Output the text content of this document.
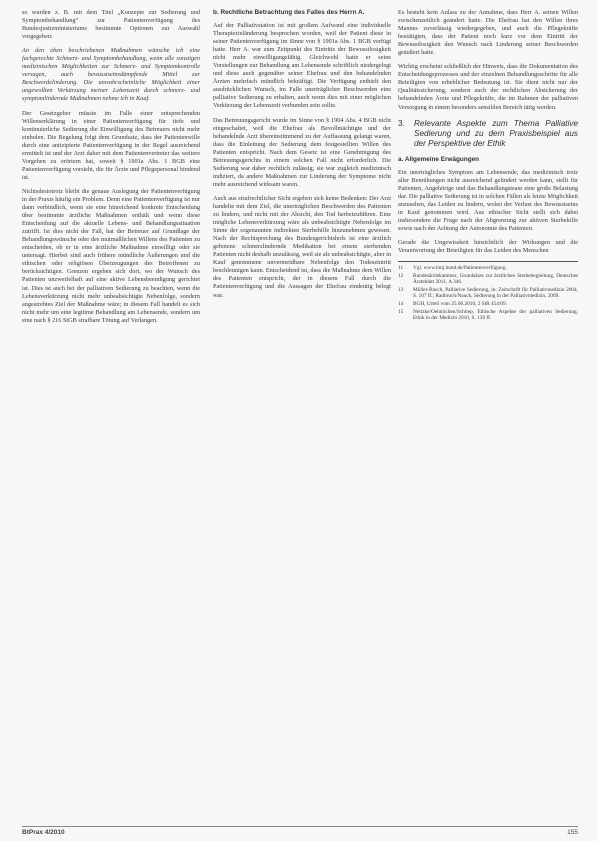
so wurden z. B. mit dem Titel „Konzepte zur Sedierung und Symptombehandlung“ zur Patientenverfügung des Bundesjustizministeriums bestimmte Optionen zur Auswahl vorgegeben:

An den eben beschriebenen Maßnahmen wünsche ich eine fachgerechte Schmerz- und Symptombehandlung, wenn alle sonstigen medizinischen Möglichkeiten zur Schmerz- und Symptomkontrolle versagen, auch bewusstseinsdämpfende Mittel zur Beschwerdelinderung. Die unwahrscheinliche Möglichkeit einer ungewollten Verkürzung meiner Lebenszeit durch schmerz- und symptomlindernde Maßnahmen nehme ich in Kauf.

Der Gesetzgeber müsste im Falle einer entsprechenden Willenserklärung in einer Patientenverfügung für tiefe und kontinuierliche Sedierung die Einwilligung des Betreuers nicht mehr einholen. Die Regelung folgt dem Grundsatz, dass der Patientenwille durch eine antizipierte Patientenverfügung in der Regel ausreichend ermittelt ist und der Arzt daher mit dem Patientenvertreter das weitere Vorgehen zu erörtern hat, soweit § 1901a Abs. 1 BGB eine Patientenverfügung vorsieht, die für Ärzte und Pflegepersonal bindend ist.

Nichtsdestotrotz bleibt die genaue Auslegung der Patientenverfügung in der Praxis häufig ein Problem. Denn eine Patientenverfügung ist nur dann verbindlich, wenn sie eine hinreichend konkrete Entscheidung über bestimmte ärztliche Maßnahmen enthält und wenn diese Entscheidung auf die aktuelle Lebens- und Behandlungssituation zutrifft. Ist dies nicht der Fall, hat der Betreuer auf Grundlage der Behandlungswünsche oder des mutmaßlichen Willens des Patienten zu entscheiden, ob er in eine ärztliche Maßnahme einwilligt oder sie untersagt. Hierbei sind auch frühere mündliche Äußerungen und die ethischen oder religiösen Überzeugungen des Betroffenen zu berücksichtigen. Grenzen ergeben sich dort, wo der Wunsch des Patienten unzweifelhaft auf eine aktive Lebensbeendigung gerichtet ist. Dies ist auch bei der palliativen Sedierung zu beachten, wenn die Lebensverkürzung nicht mehr unbeabsichtigte Nebenfolge, sondern angestrebtes Ziel der Maßnahme wäre; in diesem Fall handelt es sich nicht mehr um eine legitime Behandlung am Lebensende, sondern um eine nach § 216 StGB strafbare Tötung auf Verlangen.

b. Rechtliche Betrachtung des Falles des Herrn A.

Auf der Palliativstation ist mit großem Aufwand eine individuelle Therapiezieländerung besprochen worden, weil der Patient diese in seiner Patientenverfügung im Sinne von § 1901a Abs. 1 BGB verfügt hatte. Herr A. war zum Zeitpunkt des Eintritts der Bewusstlosigkeit nicht mehr einwilligungsfähig. Gleichwohl hatte er seine Vorstellungen zur Behandlung am Lebensende schriftlich niedergelegt und diese auch gegenüber seiner Ehefrau und den behandelnden Ärzten mehrfach mündlich bekräftigt. Die Verfügung enthielt den ausdrücklichen Wunsch, im Falle unerträglicher Beschwerden eine palliative Sedierung zu erhalten, auch wenn dies mit einer möglichen Verkürzung der Lebenszeit verbunden sein sollte.

Das Betreuungsgericht wurde im Sinne von § 1904 Abs. 4 BGB nicht eingeschaltet, weil die Ehefrau als Bevollmächtigte und der behandelnde Arzt übereinstimmend zu der Auffassung gelangt waren, dass die Einleitung der Sedierung dem festgestellten Willen des Patienten entspricht. Nach dem Gesetz ist eine Genehmigung des Betreuungsgerichts in einem solchen Fall nicht erforderlich. Die Sedierung war daher rechtlich zulässig; sie war zugleich medizinisch indiziert, da andere Maßnahmen zur Linderung der Symptome nicht mehr ausreichend wirksam waren.

Auch aus strafrechtlicher Sicht ergeben sich keine Bedenken: Der Arzt handelte mit dem Ziel, die unerträglichen Beschwerden des Patienten zu lindern, und nicht mit der Absicht, den Tod herbeizuführen. Eine mögliche Lebensverkürzung wäre als unbeabsichtigte Nebenfolge im Sinne der sogenannten indirekten Sterbehilfe hinzunehmen gewesen. Nach der Rechtsprechung des Bundesgerichtshofs ist eine ärztlich gebotene schmerzlindernde Medikation bei einem sterbenden Patienten nicht deshalb unzulässig, weil sie als unbeabsichtigte, aber in Kauf genommene unvermeidbare Nebenfolge den Todeseintritt beschleunigen kann. Entscheidend ist, dass die Maßnahme dem Willen des Patienten entspricht, der in diesem Fall durch die Patientenverfügung und die Aussagen der Ehefrau eindeutig belegt war.

Es besteht kein Anlass zu der Annahme, dass Herr A. seinen Willen zwischenzeitlich geändert hatte. Die Ehefrau hat den Willen ihres Mannes zuverlässig wiedergegeben, und auch die Pflegekräfte bestätigten, dass der Patient noch kurz vor dem Eintritt der Bewusstlosigkeit den Wunsch nach Linderung seiner Beschwerden geäußert hatte.

Wichtig erscheint schließlich der Hinweis, dass die Dokumentation des Entscheidungsprozesses und der einzelnen Behandlungsschritte für alle Beteiligten von erheblicher Bedeutung ist. Sie dient nicht nur der Qualitätssicherung, sondern auch der rechtlichen Absicherung der behandelnden Ärzte und Pflegekräfte, die im Rahmen der palliativen Versorgung in einem besonders sensiblen Bereich tätig werden.

3. Relevante Aspekte zum Thema Palliative Sedierung und zu dem Praxisbeispiel aus der Perspektive der Ethik
a. Allgemeine Erwägungen

Ein unerträgliches Symptom am Lebensende, das medizinisch trotz aller Bemühungen nicht ausreichend gelindert werden kann, stellt für Patienten, Angehörige und das Behandlungsteam eine große Belastung dar. Die palliative Sedierung ist in solchen Fällen als letzte Möglichkeit anzusehen, das Leiden zu lindern, wobei der Verlust des Bewusstseins in Kauf genommen wird. Aus ethischer Sicht stellt sich dabei insbesondere die Frage nach der Abgrenzung zur aktiven Sterbehilfe sowie nach der Achtung der Autonomie des Patienten.

Gerade die Ungewissheit hinsichtlich der Wirkungen und die Verantwortung der Beteiligten für das Leiden des Menschen

11 Vgl. www.bmj.bund.de/Patientenverfügung.
12 Bundesärztekammer, Grundsätze zur ärztlichen Sterbebegleitung, Deutsches Ärzteblatt 2011, A 346.
13 Müller-Busch, Palliative Sedierung, in: Zeitschrift für Palliativmedizin 2004, S. 107 ff.; Radbruch/Nauck, Sedierung in der Palliativmedizin, 2009.
14 BGH, Urteil vom 25.06.2010, 2 StR 454/09.
15 Neitzke/Oehmichen/Schliep, Ethische Aspekte der palliativen Sedierung, Ethik in der Medizin 2010, S. 139 ff.
BtPrax 4/2010	155
